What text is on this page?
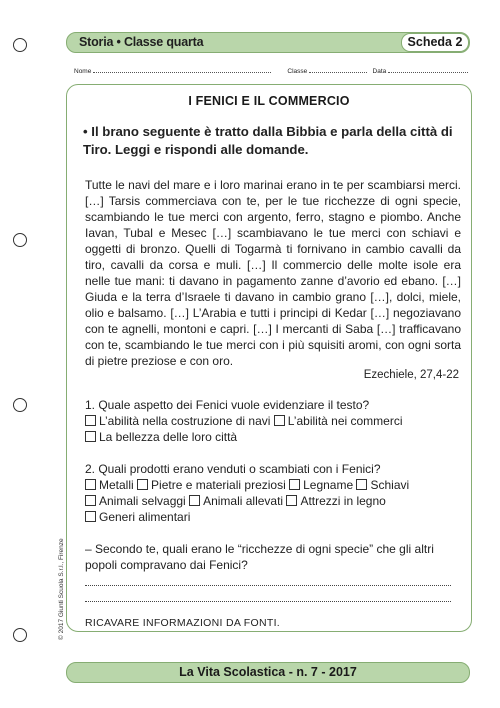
Storia • Classe quarta	Scheda 2
Nome	Classe	Data
I FENICI E IL COMMERCIO
• Il brano seguente è tratto dalla Bibbia e parla della città di Tiro. Leggi e rispondi alle domande.

Tutte le navi del mare e i loro marinai erano in te per scambiarsi merci. […] Tarsis commerciava con te, per le tue ricchezze di ogni specie, scambiando le tue merci con argento, ferro, stagno e piombo. Anche Iavan, Tubal e Mesec […] scambiavano le tue merci con schiavi e oggetti di bronzo. Quelli di Togarmà ti fornivano in cambio cavalli da tiro, cavalli da corsa e muli. […] Il commercio delle molte isole era nelle tue mani: ti davano in pagamento zanne d’avorio ed ebano. […] Giuda e la terra d’Israele ti davano in cambio grano […], dolci, miele, olio e balsamo. […] L’Arabia e tutti i principi di Kedar […] negoziavano con te agnelli, montoni e capri. […] I mercanti di Saba […] trafficavano con te, scambiando le tue merci con i più squisiti aromi, con ogni sorta di pietre preziose e con oro.

Ezechiele, 27,4-22
1. Quale aspetto dei Fenici vuole evidenziare il testo?
L’abilità nella costruzione di navi L’abilità nei commerci
La bellezza delle loro città
2. Quali prodotti erano venduti o scambiati con i Fenici?
Metalli Pietre e materiali preziosi Legname Schiavi
Animali selvaggi Animali allevati Attrezzi in legno
Generi alimentari
– Secondo te, quali erano le “ricchezze di ogni specie” che gli altri popoli compravano dai Fenici?
RICAVARE INFORMAZIONI DA FONTI.
© 2017 Giunti Scuola S.r.l., Firenze
La Vita Scolastica - n. 7 - 2017
